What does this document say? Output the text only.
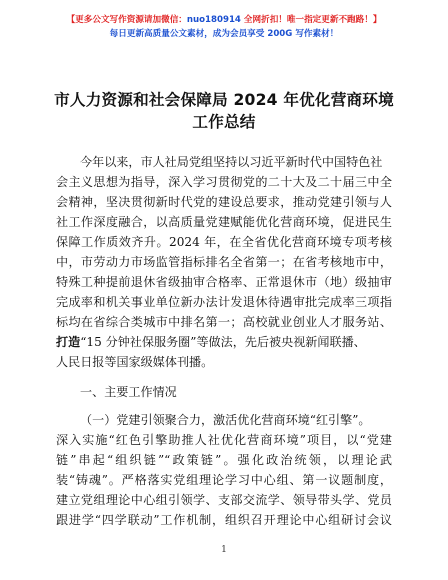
【更多公文写作资源请加微信：nuo180914 全网折扣！唯一指定更新不跑路！】
每日更新高质量公文素材，成为会员享受 200G 写作素材！
市人力资源和社会保障局 2024 年优化营商环境
工作总结
今年以来，市人社局党组坚持以习近平新时代中国特色社
会主义思想为指导，深入学习贯彻党的二十大及二十届三中全
会精神，坚决贯彻新时代党的建设总要求，推动党建引领与人
社工作深度融合，以高质量党建赋能优化营商环境，促进民生
保障工作质效齐升。2024 年，在全省优化营商环境专项考核
中，市劳动力市场监管指标排名全省第一；在省考核地市中，
特殊工种提前退休省级抽审合格率、正常退休市（地）级抽审
完成率和机关事业单位新办法计发退休待遇审批完成率三项指
标均在省综合类城市中排名第一；高校就业创业人才服务站、
打造“15 分钟社保服务圈”等做法，先后被央视新闻联播、
人民日报等国家级媒体刊播。
一、主要工作情况
（一）党建引领聚合力，激活优化营商环境“红引擎”。
深入实施“红色引擎助推人社优化营商环境”项目，以“党建
链”串起“组织链”“政策链”。强化政治统领，以理论武
装“铸魂”。严格落实党组理论学习中心组、第一议题制度，
建立党组理论中心组引领学、支部交流学、领导带头学、党员
跟进学“四学联动”工作机制，组织召开理论中心组研讨会议
1
